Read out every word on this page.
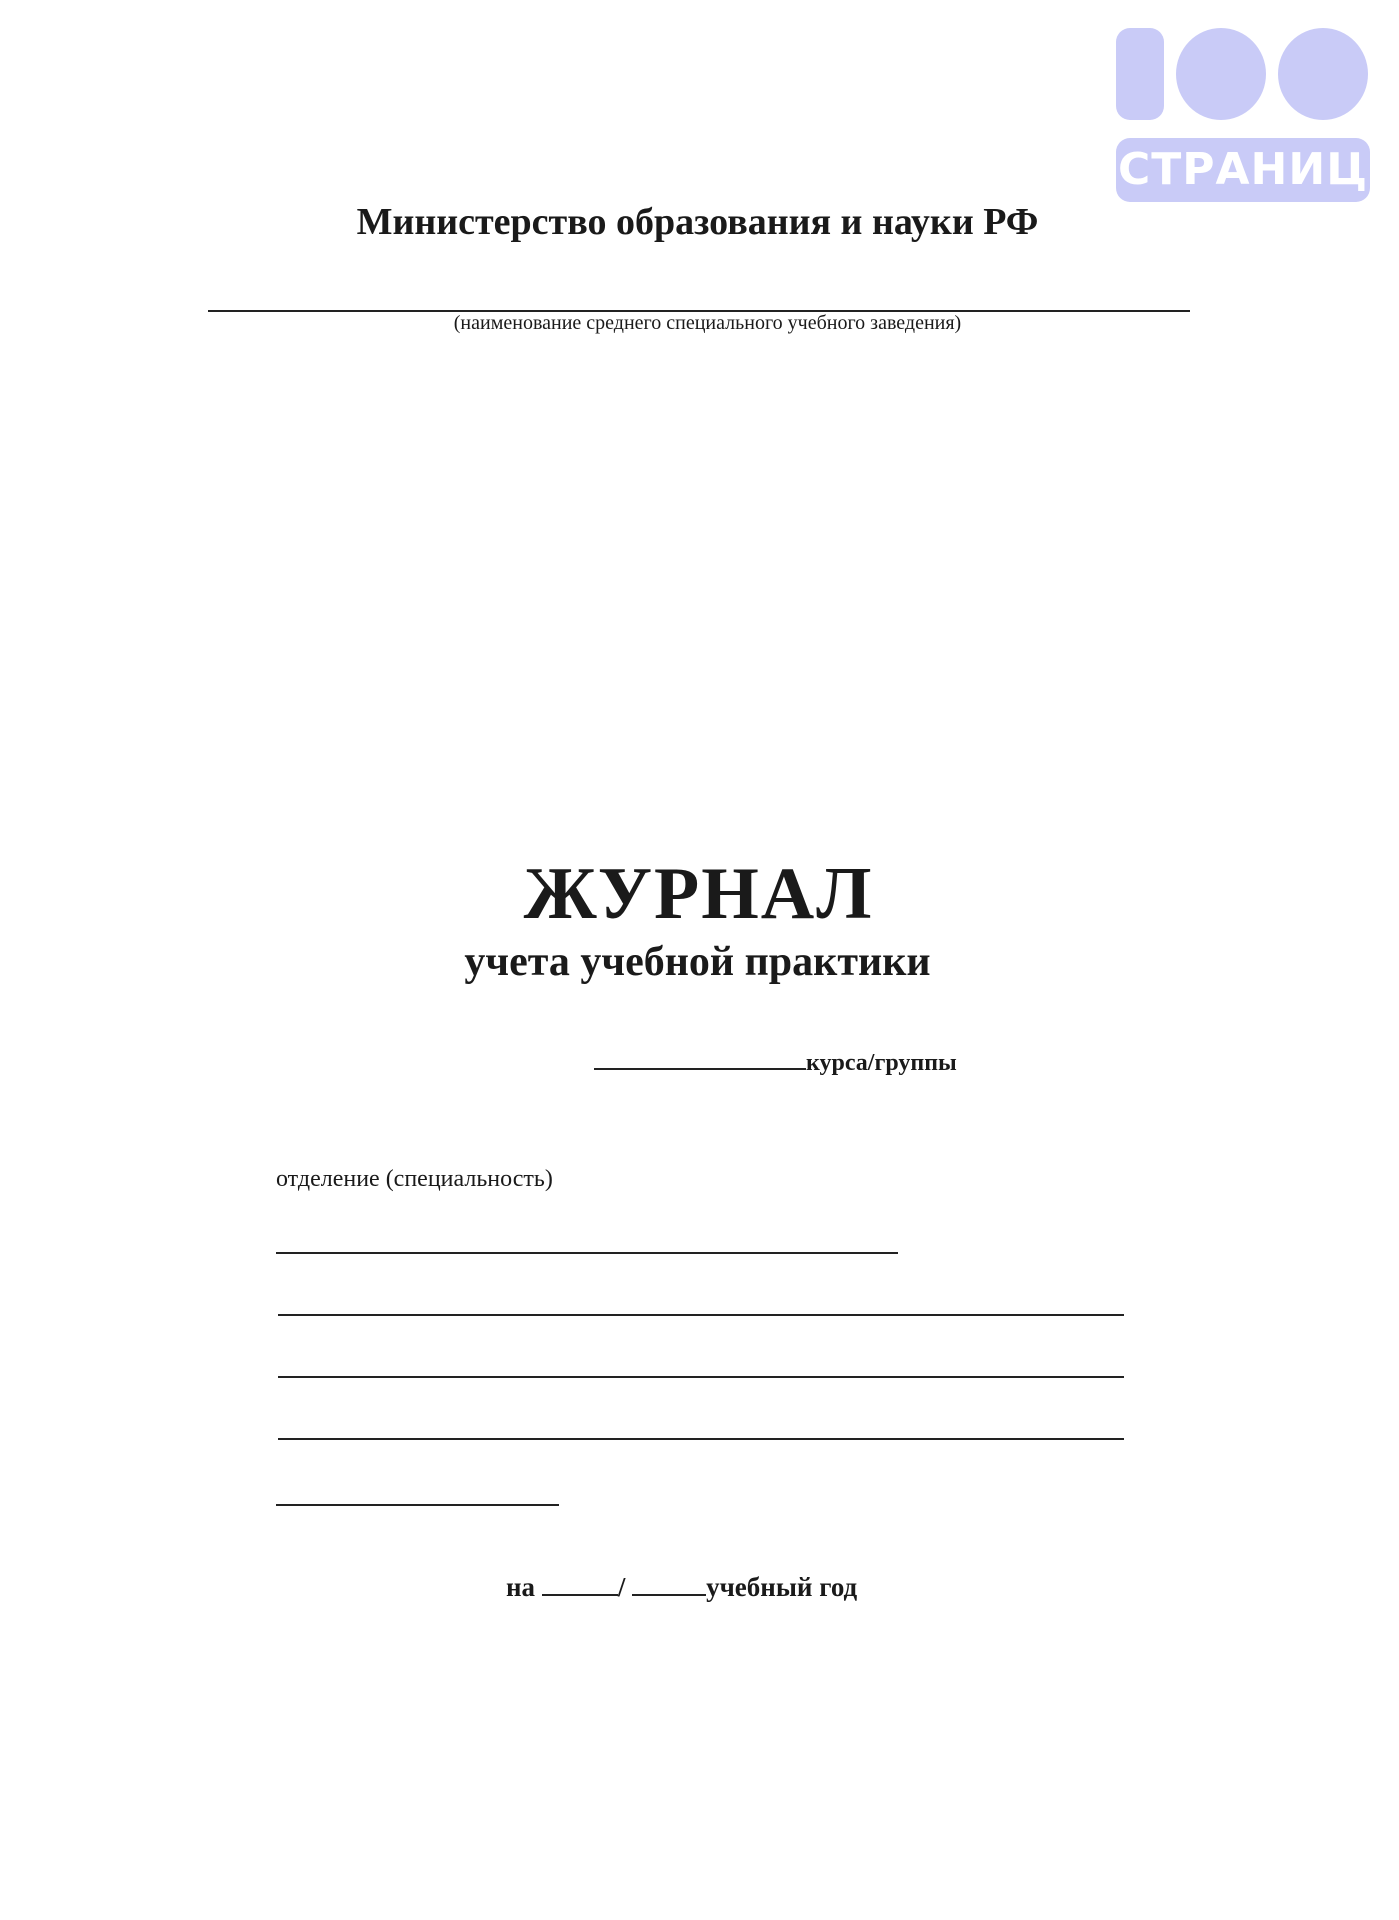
СТРАНИЦ
Министерство образования и науки РФ
(наименование среднего специального учебного заведения)
ЖУРНАЛ
учета учебной практики
курса/группы
отделение (специальность)
на	/	учебный год
